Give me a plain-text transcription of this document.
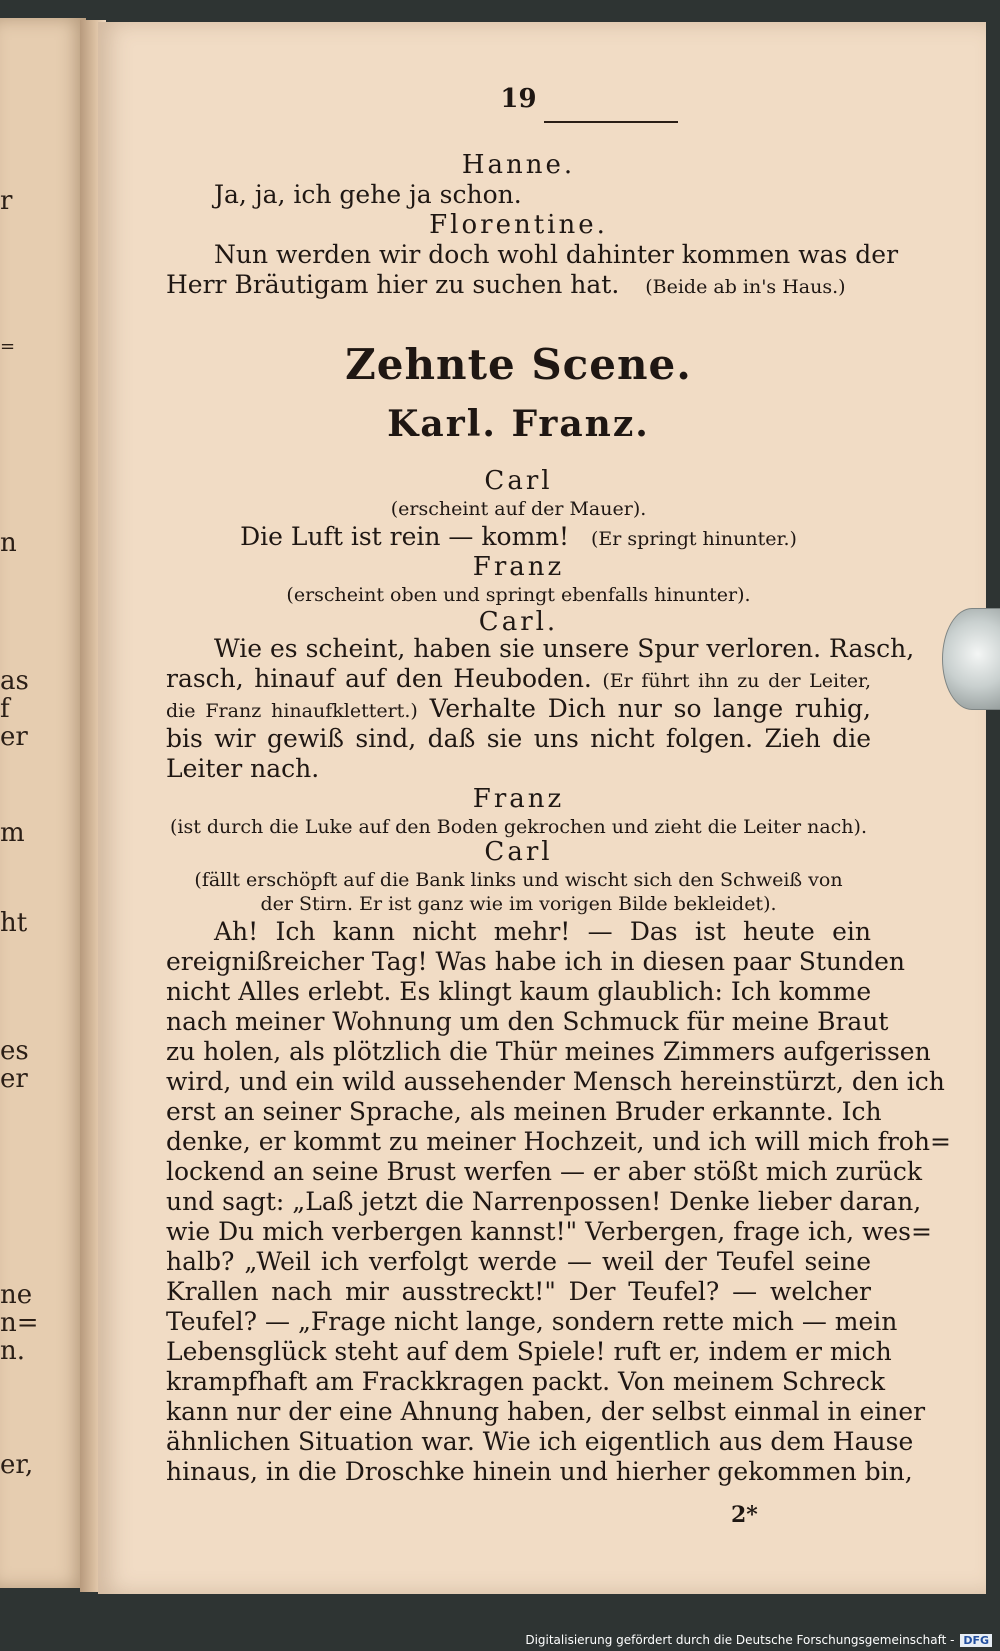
r
=
n
as
f
er
m
ht
es
er
ne
n=
n.
er,
19
Hanne.
Ja, ja, ich gehe ja schon.
Florentine.
Nun werden wir doch wohl dahinter kommen was der
Herr Bräutigam hier zu suchen hat. (Beide ab in's Haus.)
Zehnte Scene.
Karl. Franz.
Carl
(erscheint auf der Mauer).
Die Luft ist rein — komm! (Er springt hinunter.)
Franz
(erscheint oben und springt ebenfalls hinunter).
Carl.
Wie es scheint, haben sie unsere Spur verloren. Rasch,
rasch, hinauf auf den Heuboden. (Er führt ihn zu der Leiter,
die Franz hinaufklettert.) Verhalte Dich nur so lange ruhig,
bis wir gewiß sind, daß sie uns nicht folgen. Zieh die
Leiter nach.
Franz
(ist durch die Luke auf den Boden gekrochen und zieht die Leiter nach).
Carl
(fällt erschöpft auf die Bank links und wischt sich den Schweiß von
der Stirn. Er ist ganz wie im vorigen Bilde bekleidet).
Ah! Ich kann nicht mehr! — Das ist heute ein
ereignißreicher Tag! Was habe ich in diesen paar Stunden
nicht Alles erlebt. Es klingt kaum glaublich: Ich komme
nach meiner Wohnung um den Schmuck für meine Braut
zu holen, als plötzlich die Thür meines Zimmers aufgerissen
wird, und ein wild aussehender Mensch hereinstürzt, den ich
erst an seiner Sprache, als meinen Bruder erkannte. Ich
denke, er kommt zu meiner Hochzeit, und ich will mich froh=
lockend an seine Brust werfen — er aber stößt mich zurück
und sagt: „Laß jetzt die Narrenpossen! Denke lieber daran,
wie Du mich verbergen kannst!" Verbergen, frage ich, wes=
halb? „Weil ich verfolgt werde — weil der Teufel seine
Krallen nach mir ausstreckt!" Der Teufel? — welcher
Teufel? — „Frage nicht lange, sondern rette mich — mein
Lebensglück steht auf dem Spiele! ruft er, indem er mich
krampfhaft am Frackkragen packt. Von meinem Schreck
kann nur der eine Ahnung haben, der selbst einmal in einer
ähnlichen Situation war. Wie ich eigentlich aus dem Hause
hinaus, in die Droschke hinein und hierher gekommen bin,
2*
Digitalisierung gefördert durch die Deutsche Forschungsgemeinschaft - DFG
